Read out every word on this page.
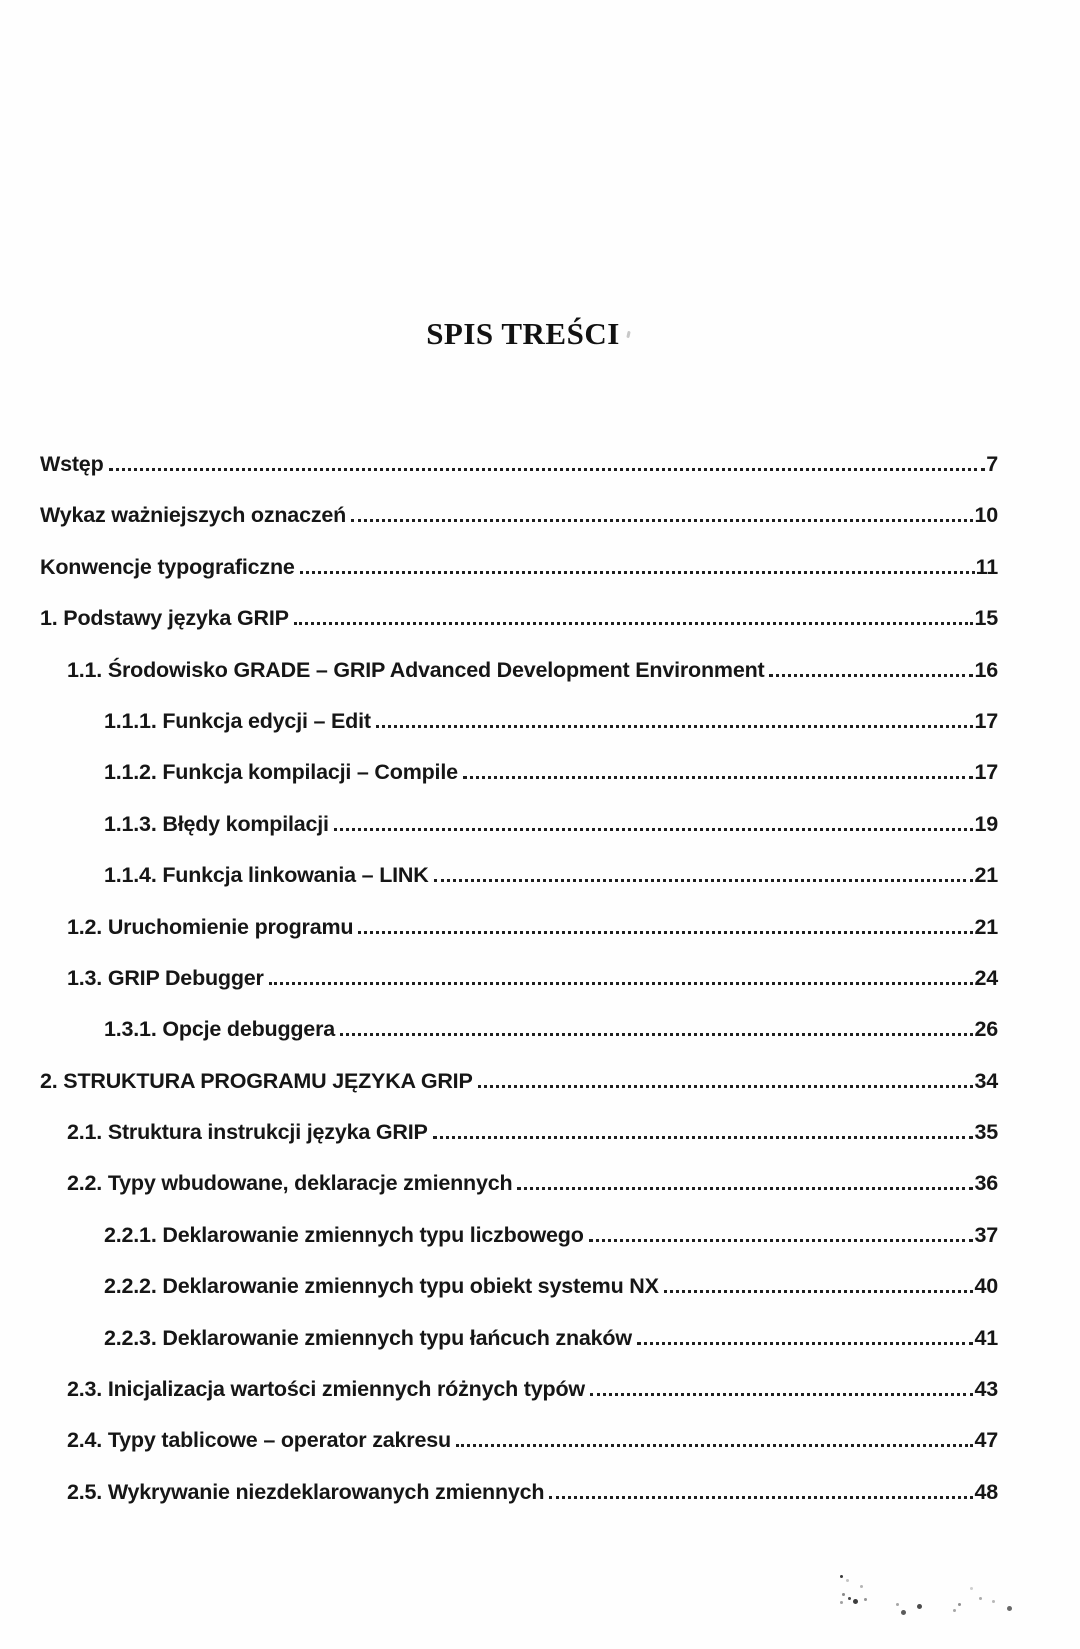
SPIS TREŚCI
Wstęp	7
Wykaz ważniejszych oznaczeń	10
Konwencje typograficzne	11
1. Podstawy języka GRIP	15
1.1. Środowisko GRADE – GRIP Advanced Development Environment	16
1.1.1. Funkcja edycji – Edit	17
1.1.2. Funkcja kompilacji – Compile	17
1.1.3. Błędy kompilacji	19
1.1.4. Funkcja linkowania – LINK	21
1.2. Uruchomienie programu	21
1.3. GRIP Debugger	24
1.3.1. Opcje debuggera	26
2. STRUKTURA PROGRAMU JĘZYKA GRIP	34
2.1. Struktura instrukcji języka GRIP	35
2.2. Typy wbudowane, deklaracje zmiennych	36
2.2.1. Deklarowanie zmiennych typu liczbowego	37
2.2.2. Deklarowanie zmiennych typu obiekt systemu NX	40
2.2.3. Deklarowanie zmiennych typu łańcuch znaków	41
2.3. Inicjalizacja wartości zmiennych różnych typów	43
2.4. Typy tablicowe – operator zakresu	47
2.5. Wykrywanie niezdeklarowanych zmiennych	48
